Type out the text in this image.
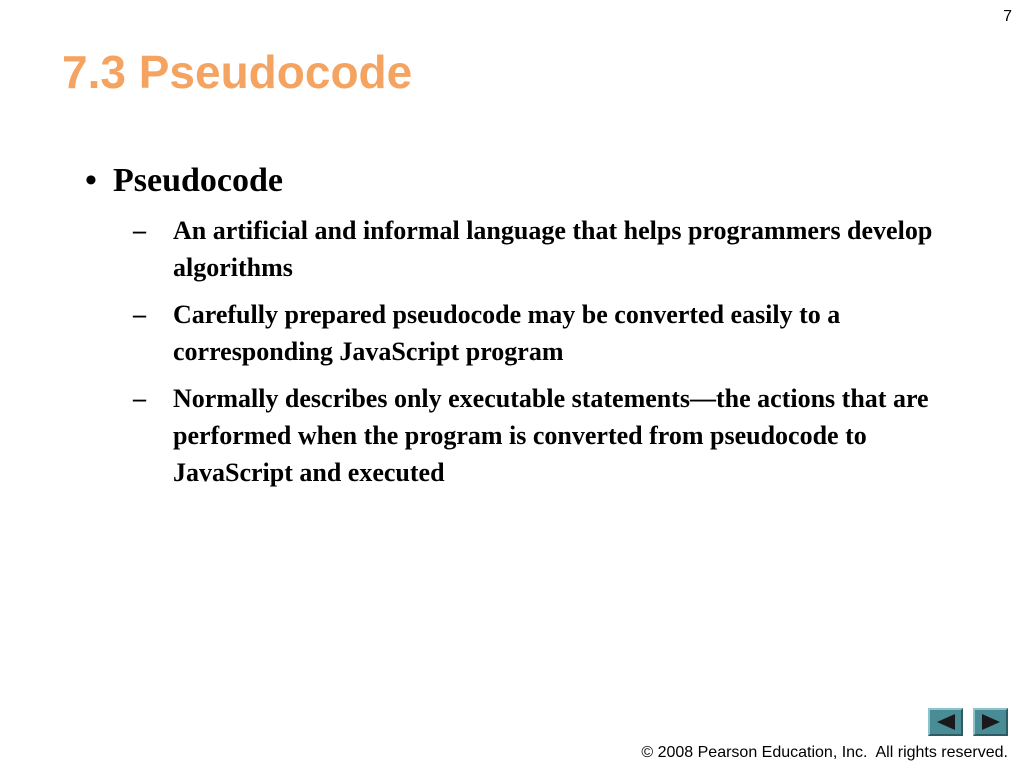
7
7.3 Pseudocode
• Pseudocode
–	An artificial and informal language that helps programmers develop algorithms
–	Carefully prepared pseudocode may be converted easily to a corresponding JavaScript program
–	Normally describes only executable statements—the actions that are performed when the program is converted from pseudocode to JavaScript and executed
© 2008 Pearson Education, Inc.  All rights reserved.
